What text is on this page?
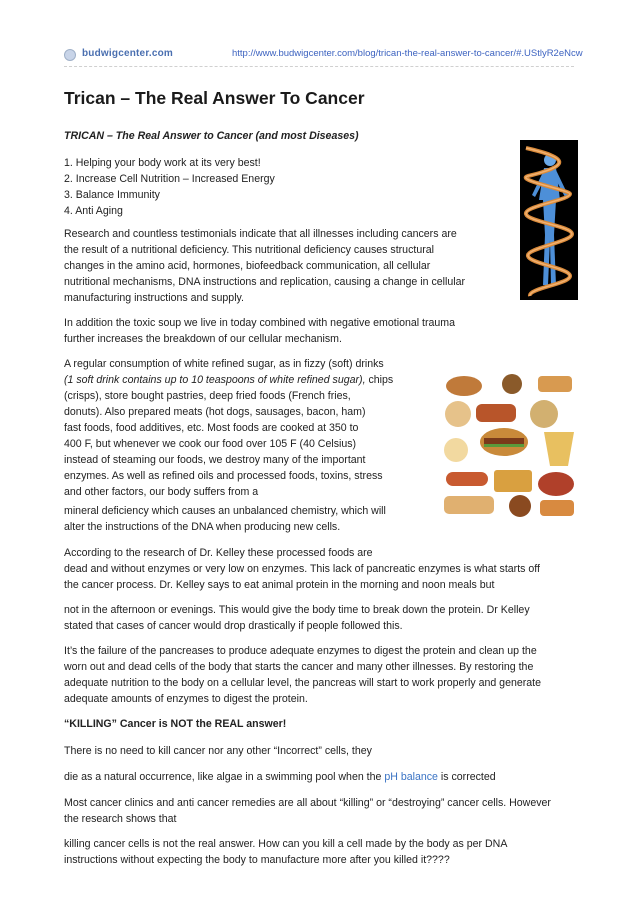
budwigcenter.com	http://www.budwigcenter.com/blog/trican-the-real-answer-to-cancer/#.UStlyR2eNcw
Trican – The Real Answer To Cancer
TRICAN – The Real Answer to Cancer (and most Diseases)
1. Helping your body work at its very best!
2. Increase Cell Nutrition – Increased Energy
3. Balance Immunity
4. Anti Aging
Research and countless testimonials indicate that all illnesses including cancers are
the result of a nutritional deficiency. This nutritional deficiency causes structural
changes in the amino acid, hormones, biofeedback communication, all cellular
nutritional mechanisms, DNA instructions and replication, causing a change in cellular
manufacturing instructions and supply.
In addition the toxic soup we live in today combined with negative emotional trauma
further increases the breakdown of our cellular mechanism.
A regular consumption of white refined sugar, as in fizzy (soft) drinks
(1 soft drink contains up to 10 teaspoons of white refined sugar), chips
(crisps), store bought pastries, deep fried foods (French fries,
donuts). Also prepared meats (hot dogs, sausages, bacon, ham)
fast foods, food additives, etc. Most foods are cooked at 350 to
400 F, but whenever we cook our food over 105 F (40 Celsius)
instead of steaming our foods, we destroy many of the important
enzymes. As well as refined oils and processed foods, toxins, stress
and other factors, our body suffers from a
mineral deficiency which causes an unbalanced chemistry, which will
alter the instructions of the DNA when producing new cells.
According to the research of Dr. Kelley these processed foods are
dead and without enzymes or very low on enzymes. This lack of pancreatic enzymes is what starts off
the cancer process. Dr. Kelley says to eat animal protein in the morning and noon meals but
not in the afternoon or evenings. This would give the body time to break down the protein. Dr Kelley
stated that cases of cancer would drop drastically if people followed this.
It’s the failure of the pancreases to produce adequate enzymes to digest the protein and clean up the
worn out and dead cells of the body that starts the cancer and many other illnesses. By restoring the
adequate nutrition to the body on a cellular level, the pancreas will start to work properly and generate
adequate amounts of enzymes to digest the protein.
“KILLING” Cancer is NOT the REAL answer!
There is no need to kill cancer nor any other “Incorrect” cells, they
die as a natural occurrence, like algae in a swimming pool when the pH balance is corrected
Most cancer clinics and anti cancer remedies are all about “killing” or “destroying” cancer cells. However
the research shows that
killing cancer cells is not the real answer. How can you kill a cell made by the body as per DNA
instructions without expecting the body to manufacture more after you killed it????
